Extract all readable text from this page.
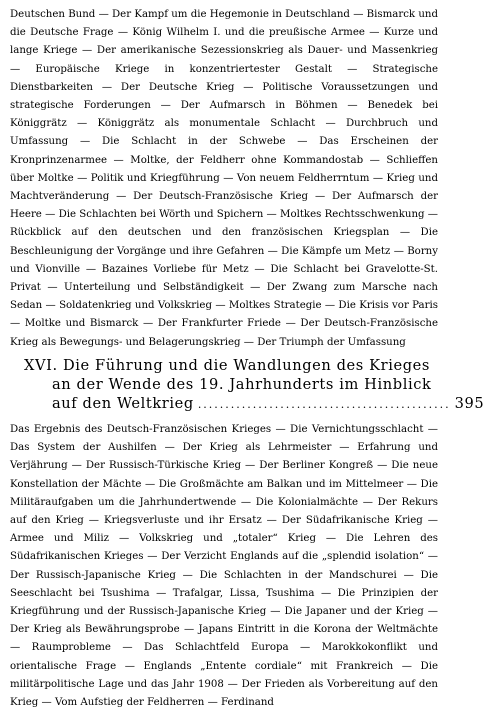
Deutschen Bund — Der Kampf um die Hegemonie in Deutschland — Bismarck und die Deutsche Frage — König Wilhelm I. und die preußische Armee — Kurze und lange Kriege — Der amerikanische Sezessionskrieg als Dauer- und Massenkrieg — Europäische Kriege in konzentriertester Gestalt — Strategische Dienstbarkeiten — Der Deutsche Krieg — Politische Voraussetzungen und strategische Forderungen — Der Aufmarsch in Böhmen — Benedek bei Königgrätz — Königgrätz als monumentale Schlacht — Durchbruch und Umfassung — Die Schlacht in der Schwebe — Das Erscheinen der Kronprinzenarmee — Moltke, der Feldherr ohne Kommandostab — Schlieffen über Moltke — Politik und Kriegführung — Von neuem Feldherrntum — Krieg und Machtveränderung — Der Deutsch-Französische Krieg — Der Aufmarsch der Heere — Die Schlachten bei Wörth und Spichern — Moltkes Rechtsschwenkung — Rückblick auf den deutschen und den französischen Kriegsplan — Die Beschleunigung der Vorgänge und ihre Gefahren — Die Kämpfe um Metz — Borny und Vionville — Bazaines Vorliebe für Metz — Die Schlacht bei Gravelotte-St. Privat — Unterteilung und Selbständigkeit — Der Zwang zum Marsche nach Sedan — Soldatenkrieg und Volkskrieg — Moltkes Strategie — Die Krisis vor Paris — Moltke und Bismarck — Der Frankfurter Friede — Der Deutsch-Französische Krieg als Bewegungs- und Belagerungskrieg — Der Triumph der Umfassung

XVI. Die Führung und die Wandlungen des Krieges
an der Wende des 19. Jahrhunderts im Hinblick
auf den Weltkrieg .............................................. 395

Das Ergebnis des Deutsch-Französischen Krieges — Die Vernichtungsschlacht — Das System der Aushilfen — Der Krieg als Lehrmeister — Erfahrung und Verjährung — Der Russisch-Türkische Krieg — Der Berliner Kongreß — Die neue Konstellation der Mächte — Die Großmächte am Balkan und im Mittelmeer — Die Militäraufgaben um die Jahrhundertwende — Die Kolonialmächte — Der Rekurs auf den Krieg — Kriegsverluste und ihr Ersatz — Der Südafrikanische Krieg — Armee und Miliz — Volkskrieg und „totaler“ Krieg — Die Lehren des Südafrikanischen Krieges — Der Verzicht Englands auf die „splendid isolation“ — Der Russisch-Japanische Krieg — Die Schlachten in der Mandschurei — Die Seeschlacht bei Tsushima — Trafalgar, Lissa, Tsushima — Die Prinzipien der Kriegführung und der Russisch-Japanische Krieg — Die Japaner und der Krieg — Der Krieg als Bewährungsprobe — Japans Eintritt in die Korona der Weltmächte — Raumprobleme — Das Schlachtfeld Europa — Marokkokonflikt und orientalische Frage — Englands „Entente cordiale“ mit Frankreich — Die militärpolitische Lage und das Jahr 1908 — Der Frieden als Vorbereitung auf den Krieg — Vom Aufstieg der Feldherren — Ferdinand
